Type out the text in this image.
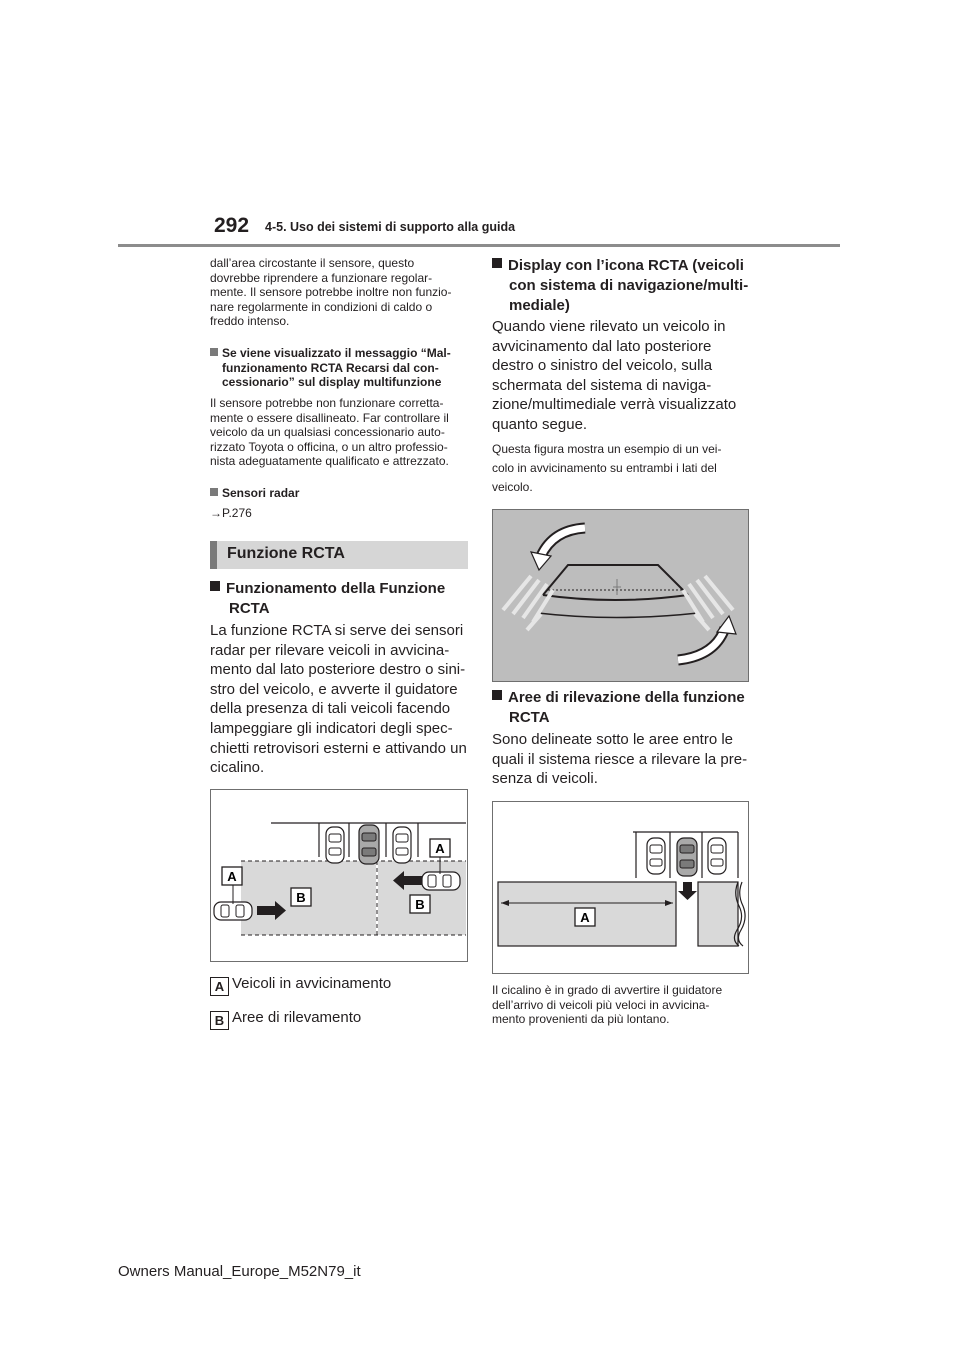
292 4-5. Uso dei sistemi di supporto alla guida
dall’area circostante il sensore, questo
dovrebbe riprendere a funzionare regolar-
mente. Il sensore potrebbe inoltre non funzio-
nare regolarmente in condizioni di caldo o
freddo intenso.
Se viene visualizzato il messaggio “Mal-
funzionamento RCTA Recarsi dal con-
cessionario” sul display multifunzione
Il sensore potrebbe non funzionare corretta-
mente o essere disallineato. Far controllare il
veicolo da un qualsiasi concessionario auto-
rizzato Toyota o officina, o un altro professio-
nista adeguatamente qualificato e attrezzato.
Sensori radar
→P.276
Funzione RCTA
Funzionamento della Funzione
RCTA
La funzione RCTA si serve dei sensori
radar per rilevare veicoli in avvicina-
mento dal lato posteriore destro o sini-
stro del veicolo, e avverte il guidatore
della presenza di tali veicoli facendo
lampeggiare gli indicatori degli spec-
chietti retrovisori esterni e attivando un
cicalino.
A
A
B	B
A Veicoli in avvicinamento
B Aree di rilevamento
Display con l’icona RCTA (veicoli
con sistema di navigazione/multi-
mediale)
Quando viene rilevato un veicolo in
avvicinamento dal lato posteriore
destro o sinistro del veicolo, sulla
schermata del sistema di naviga-
zione/multimediale verrà visualizzato
quanto segue.
Questa figura mostra un esempio di un vei-
colo in avvicinamento su entrambi i lati del
veicolo.
Aree di rilevazione della funzione
RCTA
Sono delineate sotto le aree entro le
quali il sistema riesce a rilevare la pre-
senza di veicoli.
A
Il cicalino è in grado di avvertire il guidatore
dell’arrivo di veicoli più veloci in avvicina-
mento provenienti da più lontano.
Owners Manual_Europe_M52N79_it
